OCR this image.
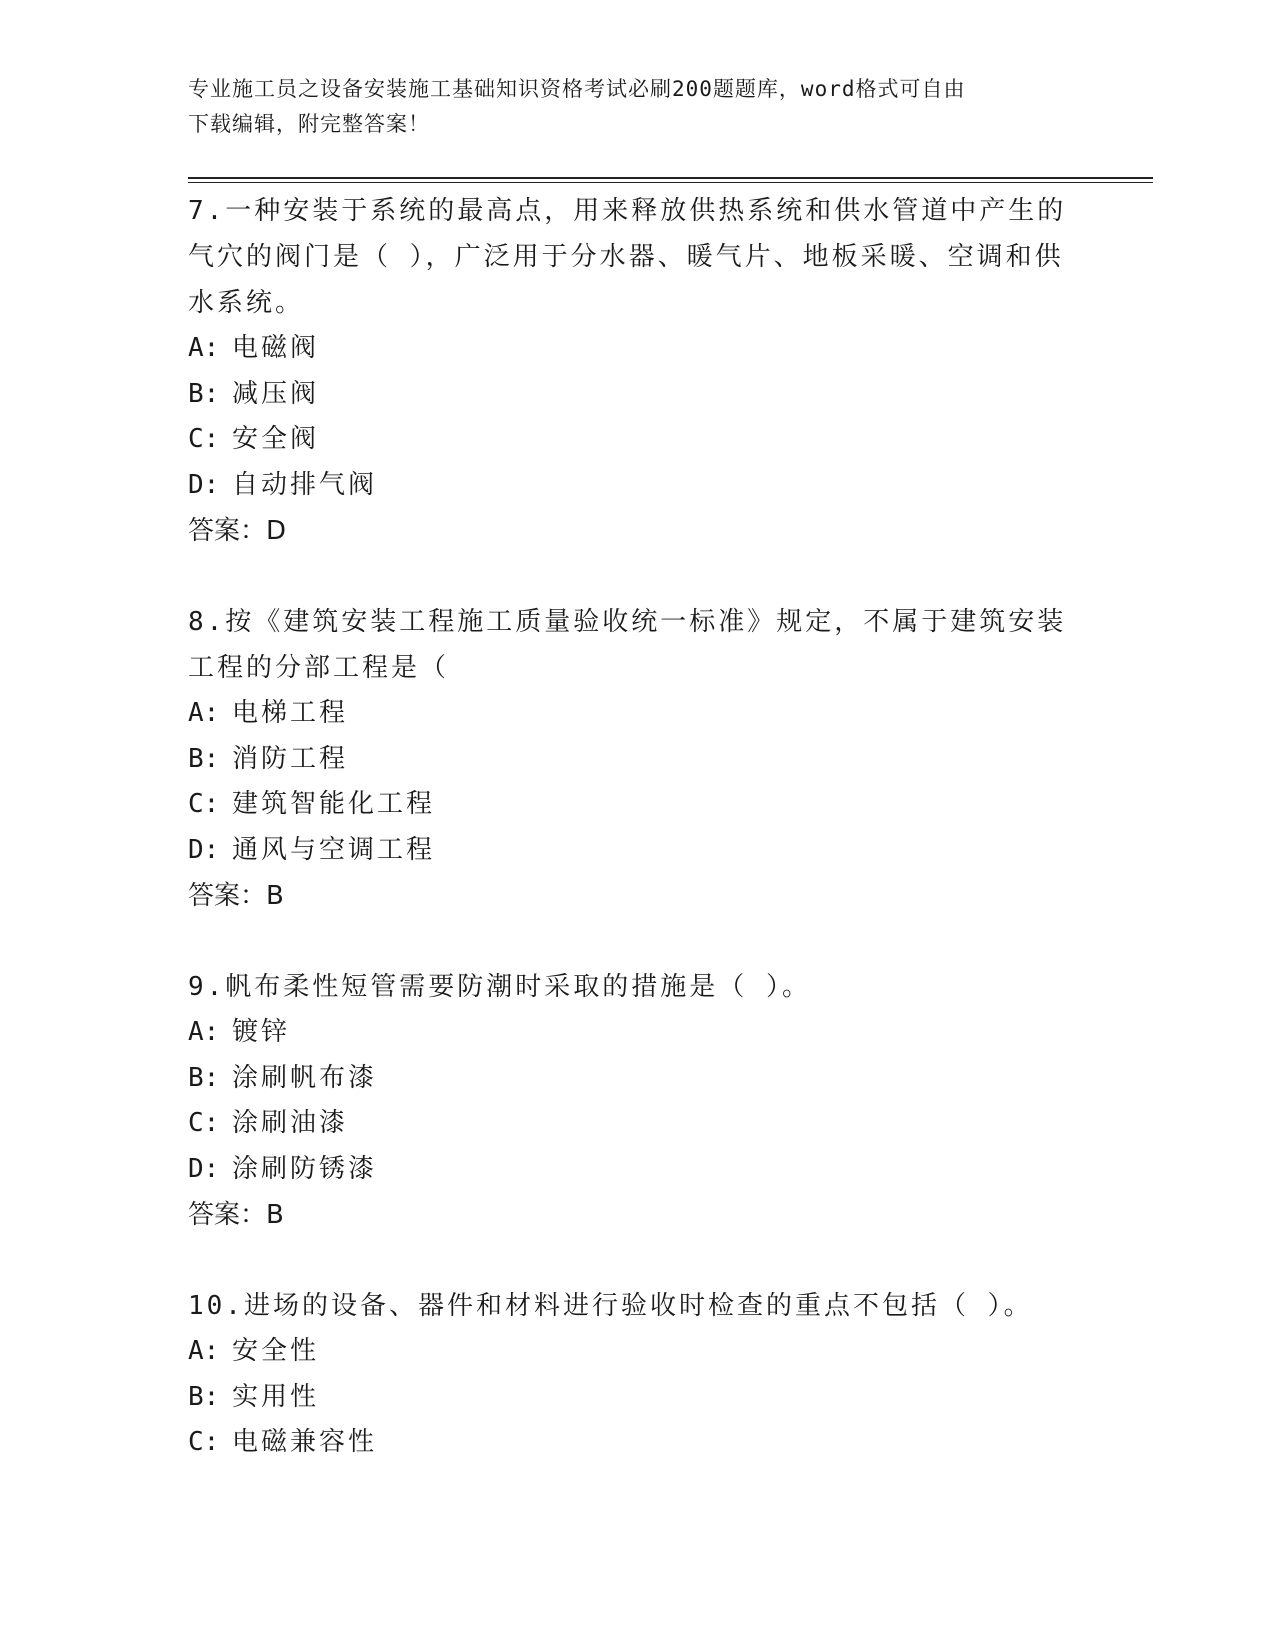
专业施工员之设备安装施工基础知识资格考试必刷200题题库，word格式可自由
下载编辑，附完整答案！

7.一种安装于系统的最高点，用来释放供热系统和供水管道中产生的

气穴的阀门是（ ），广泛用于分水器、暖气片、地板采暖、空调和供

水系统。

A: 电磁阀

B: 减压阀

C: 安全阀

D: 自动排气阀

答案：D

8.按《建筑安装工程施工质量验收统一标准》规定，不属于建筑安装

工程的分部工程是（

A: 电梯工程

B: 消防工程

C: 建筑智能化工程

D: 通风与空调工程

答案：B

9.帆布柔性短管需要防潮时采取的措施是（ ）。

A: 镀锌

B: 涂刷帆布漆

C: 涂刷油漆

D: 涂刷防锈漆

答案：B

10.进场的设备、器件和材料进行验收时检查的重点不包括（ ）。

A: 安全性

B: 实用性

C: 电磁兼容性
